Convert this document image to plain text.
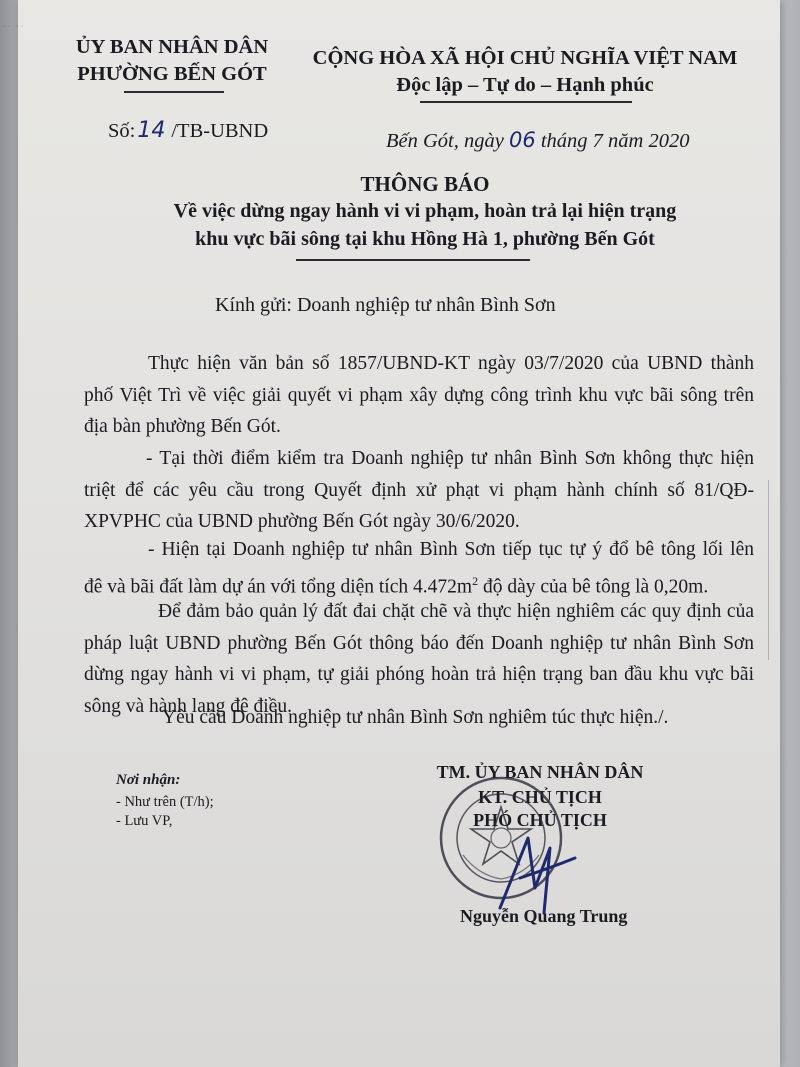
·· ··
ỦY BAN NHÂN DÂN
PHƯỜNG BẾN GÓT
CỘNG HÒA XÃ HỘI CHỦ NGHĨA VIỆT NAM
Độc lập – Tự do – Hạnh phúc
Số:14 /TB-UBND	Bến Gót, ngày 06 tháng 7 năm 2020
THÔNG BÁO
Về việc dừng ngay hành vi vi phạm, hoàn trả lại hiện trạng
khu vực bãi sông tại khu Hồng Hà 1, phường Bến Gót
Kính gửi: Doanh nghiệp tư nhân Bình Sơn
Thực hiện văn bản số 1857/UBND-KT ngày 03/7/2020 của UBND thành
phố Việt Trì về việc giải quyết vi phạm xây dựng công trình khu vực bãi sông trên
địa bàn phường Bến Gót.
- Tại thời điểm kiểm tra Doanh nghiệp tư nhân Bình Sơn không thực hiện
triệt để các yêu cầu trong Quyết định xử phạt vi phạm hành chính số 81/QĐ-
XPVPHC của UBND phường Bến Gót ngày 30/6/2020.
- Hiện tại Doanh nghiệp tư nhân Bình Sơn tiếp tục tự ý đổ bê tông lối lên
đê và bãi đất làm dự án với tổng diện tích $4.472m^2$ độ dày của bê tông là 0,20m.
Để đảm bảo quản lý đất đai chặt chẽ và thực hiện nghiêm các quy định của
pháp luật UBND phường Bến Gót thông báo đến Doanh nghiệp tư nhân Bình Sơn
dừng ngay hành vi vi phạm, tự giải phóng hoàn trả hiện trạng ban đầu khu vực bãi
sông và hành lang đê điều.
Yêu cầu Doanh nghiệp tư nhân Bình Sơn nghiêm túc thực hiện./.
Nơi nhận:
- Như trên (T/h);
- Lưu VP,
TM. ỦY BAN NHÂN DÂN
KT. CHỦ TỊCH
PHÓ CHỦ TỊCH
Nguyễn Quang Trung
